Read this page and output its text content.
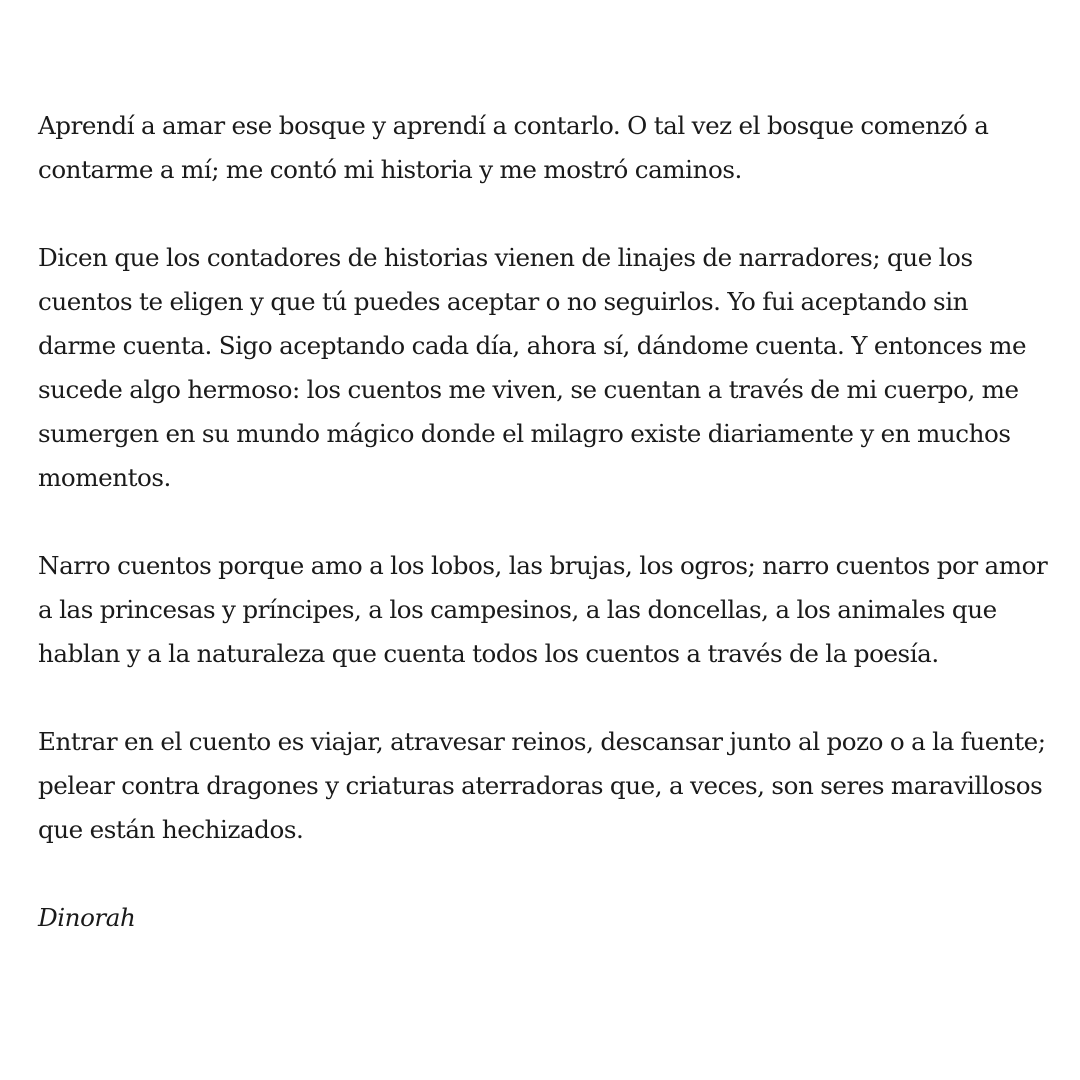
Aprendí a amar ese bosque y aprendí a contarlo. O tal vez el bosque comenzó a contarme a mí; me contó mi historia y me mostró caminos.

Dicen que los contadores de historias vienen de linajes de narradores; que los cuentos te eligen y que tú puedes aceptar o no seguirlos. Yo fui aceptando sin darme cuenta. Sigo aceptando cada día, ahora sí, dándome cuenta. Y entonces me sucede algo hermoso: los cuentos me viven, se cuentan a través de mi cuerpo, me sumergen en su mundo mágico donde el milagro existe diariamente y en muchos momentos.

Narro cuentos porque amo a los lobos, las brujas, los ogros; narro cuentos por amor a las princesas y príncipes, a los campesinos, a las doncellas, a los animales que hablan y a la naturaleza que cuenta todos los cuentos a través de la poesía.

Entrar en el cuento es viajar, atravesar reinos, descansar junto al pozo o a la fuente; pelear contra dragones y criaturas aterradoras que, a veces, son seres maravillosos que están hechizados.

Dinorah
